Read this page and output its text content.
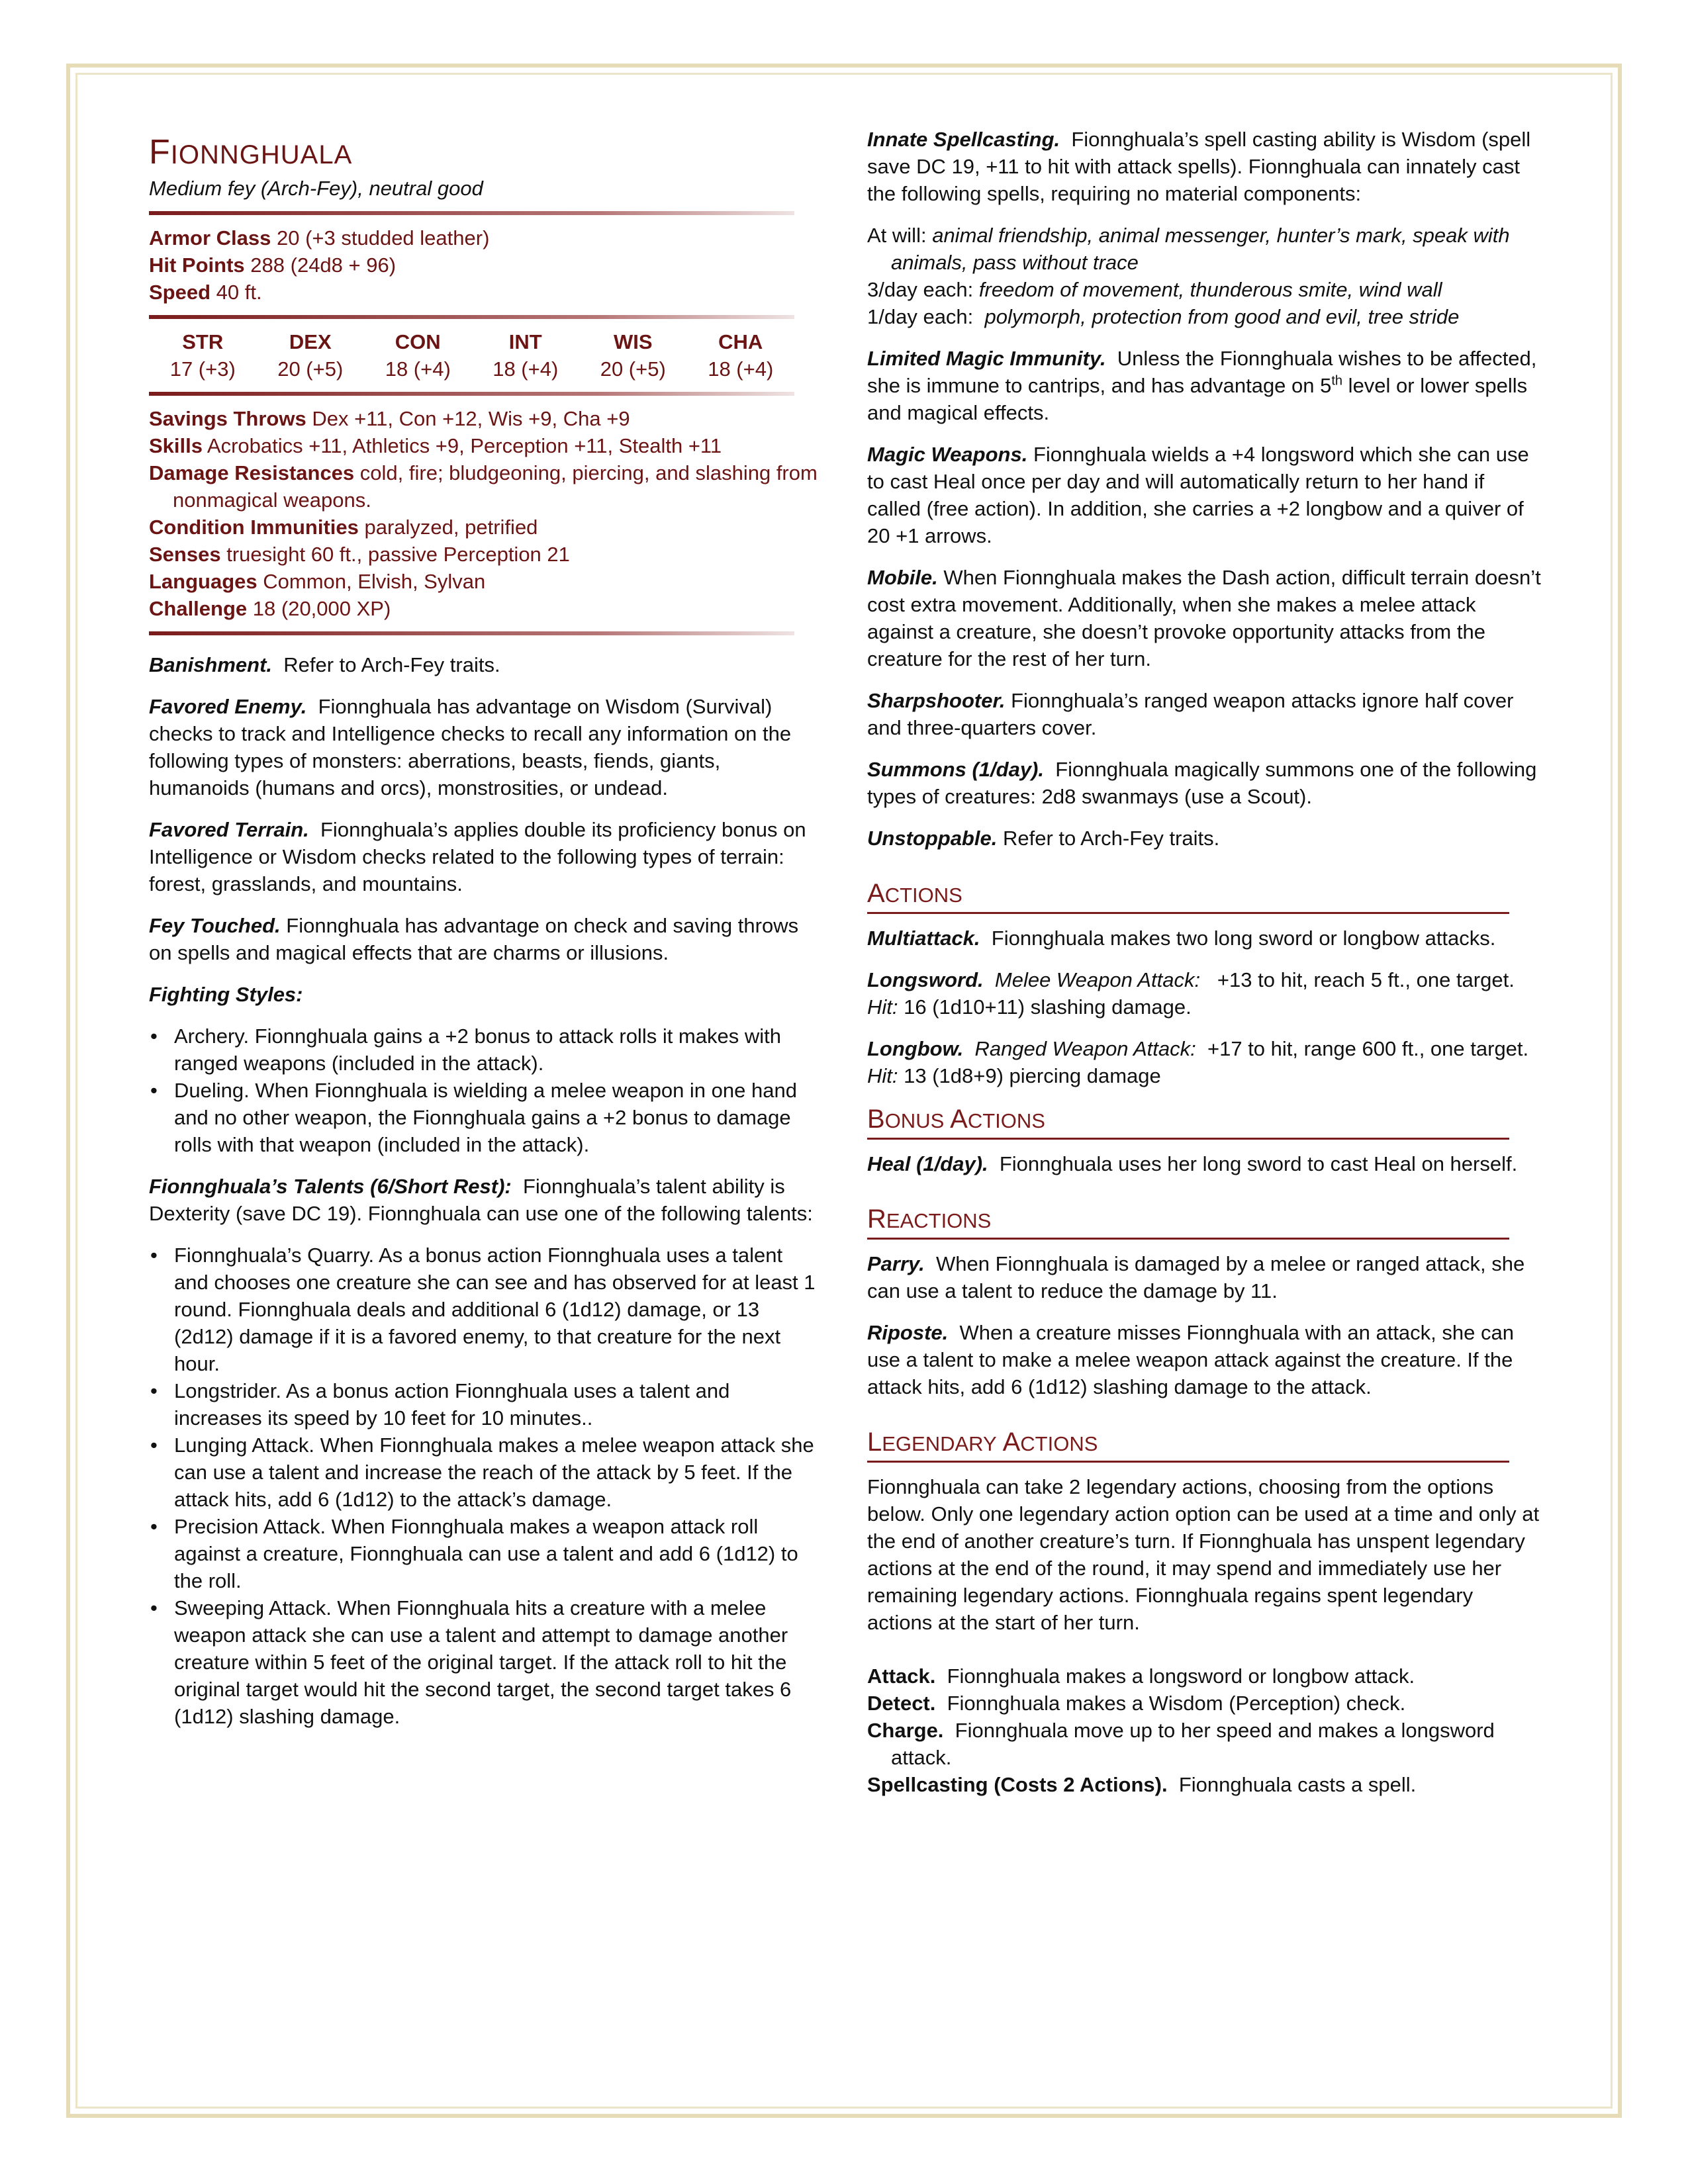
FIONNGHUALA
Medium fey (Arch-Fey), neutral good
Armor Class 20 (+3 studded leather)
Hit Points 288 (24d8 + 96)
Speed 40 ft.
STR	DEX	CON	INT	WIS	CHA
17 (+3)	20 (+5)	18 (+4)	18 (+4)	20 (+5)	18 (+4)
Savings Throws Dex +11, Con +12, Wis +9, Cha +9
Skills Acrobatics +11, Athletics +9, Perception +11, Stealth +11
Damage Resistances cold, fire; bludgeoning, piercing, and slashing from nonmagical weapons.
Condition Immunities paralyzed, petrified
Senses truesight 60 ft., passive Perception 21
Languages Common, Elvish, Sylvan
Challenge 18 (20,000 XP)

Banishment. Refer to Arch-Fey traits.

Favored Enemy. Fionnghuala has advantage on Wisdom (Survival) checks to track and Intelligence checks to recall any information on the following types of monsters: aberrations, beasts, fiends, giants, humanoids (humans and orcs), monstrosities, or undead.

Favored Terrain. Fionnghuala’s applies double its proficiency bonus on Intelligence or Wisdom checks related to the following types of terrain: forest, grasslands, and mountains.

Fey Touched. Fionnghuala has advantage on check and saving throws on spells and magical effects that are charms or illusions.

Fighting Styles:

• Archery. Fionnghuala gains a +2 bonus to attack rolls it makes with ranged weapons (included in the attack).
• Dueling. When Fionnghuala is wielding a melee weapon in one hand and no other weapon, the Fionnghuala gains a +2 bonus to damage rolls with that weapon (included in the attack).

Fionnghuala’s Talents (6/Short Rest): Fionnghuala’s talent ability is Dexterity (save DC 19). Fionnghuala can use one of the following talents:

• Fionnghuala’s Quarry. As a bonus action Fionnghuala uses a talent and chooses one creature she can see and has observed for at least 1 round. Fionnghuala deals and additional 6 (1d12) damage, or 13 (2d12) damage if it is a favored enemy, to that creature for the next hour.
• Longstrider. As a bonus action Fionnghuala uses a talent and increases its speed by 10 feet for 10 minutes..
• Lunging Attack. When Fionnghuala makes a melee weapon attack she can use a talent and increase the reach of the attack by 5 feet. If the attack hits, add 6 (1d12) to the attack’s damage.
• Precision Attack. When Fionnghuala makes a weapon attack roll against a creature, Fionnghuala can use a talent and add 6 (1d12) to the roll.
• Sweeping Attack. When Fionnghuala hits a creature with a melee weapon attack she can use a talent and attempt to damage another creature within 5 feet of the original target. If the attack roll to hit the original target would hit the second target, the second target takes 6 (1d12) slashing damage.

Innate Spellcasting. Fionnghuala’s spell casting ability is Wisdom (spell save DC 19, +11 to hit with attack spells). Fionnghuala can innately cast the following spells, requiring no material components:

At will: animal friendship, animal messenger, hunter’s mark, speak with animals, pass without trace
3/day each: freedom of movement, thunderous smite, wind wall
1/day each: polymorph, protection from good and evil, tree stride

Limited Magic Immunity. Unless the Fionnghuala wishes to be affected, she is immune to cantrips, and has advantage on 5th level or lower spells and magical effects.

Magic Weapons. Fionnghuala wields a +4 longsword which she can use to cast Heal once per day and will automatically return to her hand if called (free action). In addition, she carries a +2 longbow and a quiver of 20 +1 arrows.

Mobile. When Fionnghuala makes the Dash action, difficult terrain doesn’t cost extra movement. Additionally, when she makes a melee attack against a creature, she doesn’t provoke opportunity attacks from the creature for the rest of her turn.

Sharpshooter. Fionnghuala’s ranged weapon attacks ignore half cover and three-quarters cover.

Summons (1/day). Fionnghuala magically summons one of the following types of creatures: 2d8 swanmays (use a Scout).

Unstoppable. Refer to Arch-Fey traits.

ACTIONS

Multiattack. Fionnghuala makes two long sword or longbow attacks.

Longsword. Melee Weapon Attack: +13 to hit, reach 5 ft., one target.  Hit: 16 (1d10+11) slashing damage.

Longbow. Ranged Weapon Attack: +17 to hit, range 600 ft., one target.  Hit: 13 (1d8+9) piercing damage

BONUS ACTIONS

Heal (1/day). Fionnghuala uses her long sword to cast Heal on herself.

REACTIONS

Parry. When Fionnghuala is damaged by a melee or ranged attack, she can use a talent to reduce the damage by 11.

Riposte. When a creature misses Fionnghuala with an attack, she can use a talent to make a melee weapon attack against the creature. If the attack hits, add 6 (1d12) slashing damage to the attack.

LEGENDARY ACTIONS

Fionnghuala can take 2 legendary actions, choosing from the options below. Only one legendary action option can be used at a time and only at the end of another creature’s turn. If Fionnghuala has unspent legendary actions at the end of the round, it may spend and immediately use her remaining legendary actions. Fionnghuala regains spent legendary actions at the start of her turn.

Attack. Fionnghuala makes a longsword or longbow attack.
Detect. Fionnghuala makes a Wisdom (Perception) check.
Charge. Fionnghuala move up to her speed and makes a longsword attack.
Spellcasting (Costs 2 Actions). Fionnghuala casts a spell.
